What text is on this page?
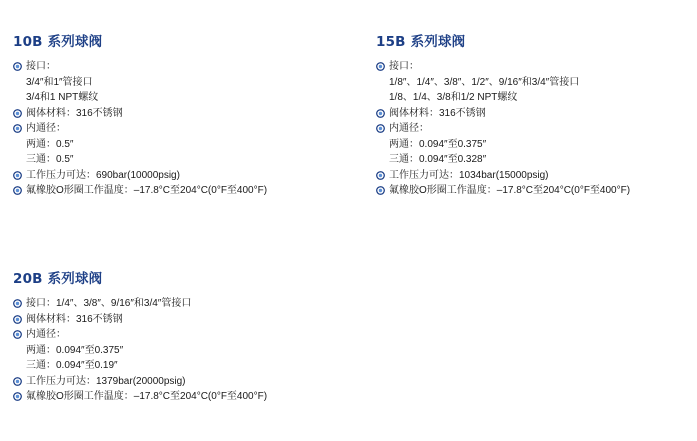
10B 系列球阀
接口：
3/4″和1″管接口
3/4和1 NPT螺纹
阀体材料：316不锈钢
内通径：
两通：0.5″
三通：0.5″
工作压力可达：690bar(10000psig)
氟橡胶O形圈工作温度：–17.8°C至204°C(0°F至400°F)
15B 系列球阀
接口：
1/8″、1/4″、3/8″、1/2″、9/16″和3/4″管接口
1/8、1/4、3/8和1/2 NPT螺纹
阀体材料：316不锈钢
内通径：
两通：0.094″至0.375″
三通：0.094″至0.328″
工作压力可达：1034bar(15000psig)
氟橡胶O形圈工作温度：–17.8°C至204°C(0°F至400°F)
20B 系列球阀
接口：1/4″、3/8″、9/16″和3/4″管接口
阀体材料：316不锈钢
内通径：
两通：0.094″至0.375″
三通：0.094″至0.19″
工作压力可达：1379bar(20000psig)
氟橡胶O形圈工作温度：–17.8°C至204°C(0°F至400°F)
